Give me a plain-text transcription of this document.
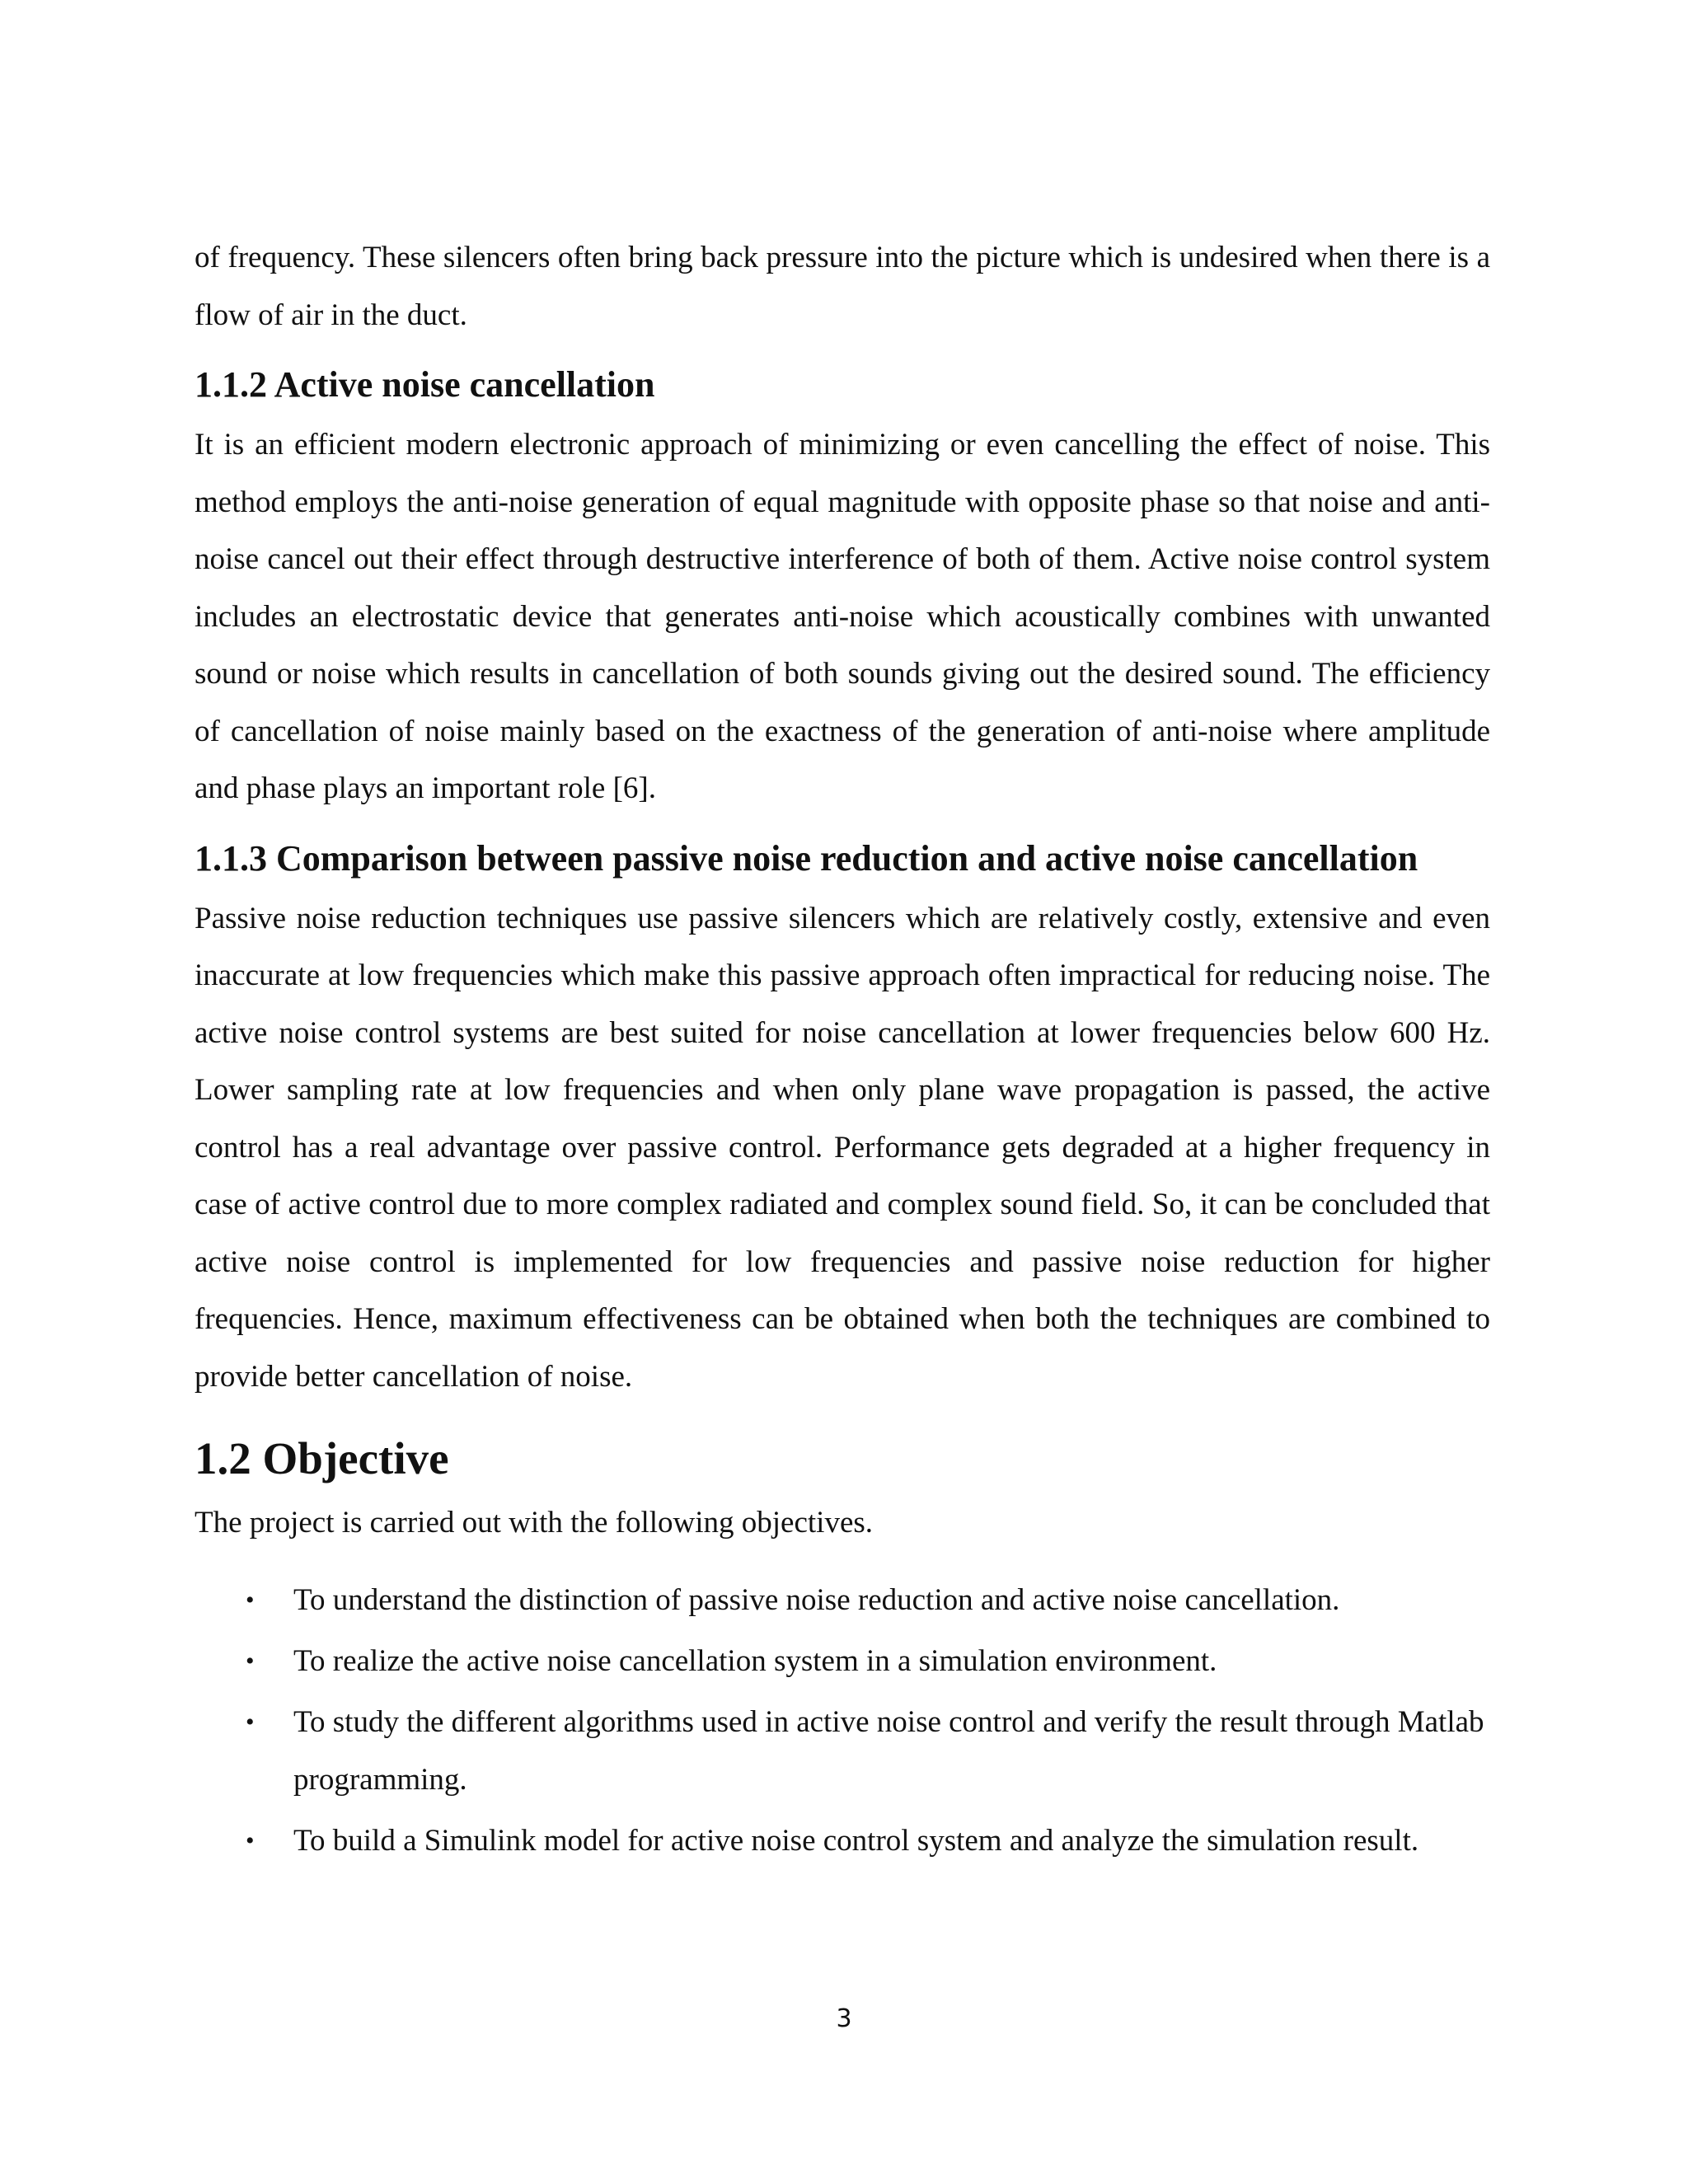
of frequency. These silencers often bring back pressure into the picture which is undesired when there is a flow of air in the duct.

1.1.2 Active noise cancellation

It is an efficient modern electronic approach of minimizing or even cancelling the effect of noise. This method employs the anti-noise generation of equal magnitude with opposite phase so that noise and anti-noise cancel out their effect through destructive interference of both of them. Active noise control system includes an electrostatic device that generates anti-noise which acoustically combines with unwanted sound or noise which results in cancellation of both sounds giving out the desired sound. The efficiency of cancellation of noise mainly based on the exactness of the generation of anti-noise where amplitude and phase plays an important role [6].

1.1.3 Comparison between passive noise reduction and active noise cancellation

Passive noise reduction techniques use passive silencers which are relatively costly, extensive and even inaccurate at low frequencies which make this passive approach often impractical for reducing noise. The active noise control systems are best suited for noise cancellation at lower frequencies below 600 Hz. Lower sampling rate at low frequencies and when only plane wave propagation is passed, the active control has a real advantage over passive control. Performance gets degraded at a higher frequency in case of active control due to more complex radiated and complex sound field. So, it can be concluded that active noise control is implemented for low frequencies and passive noise reduction for higher frequencies. Hence, maximum effectiveness can be obtained when both the techniques are combined to provide better cancellation of noise.

1.2 Objective

The project is carried out with the following objectives.

• To understand the distinction of passive noise reduction and active noise cancellation.
• To realize the active noise cancellation system in a simulation environment.
• To study the different algorithms used in active noise control and verify the result through Matlab programming.
• To build a Simulink model for active noise control system and analyze the simulation result.
3
